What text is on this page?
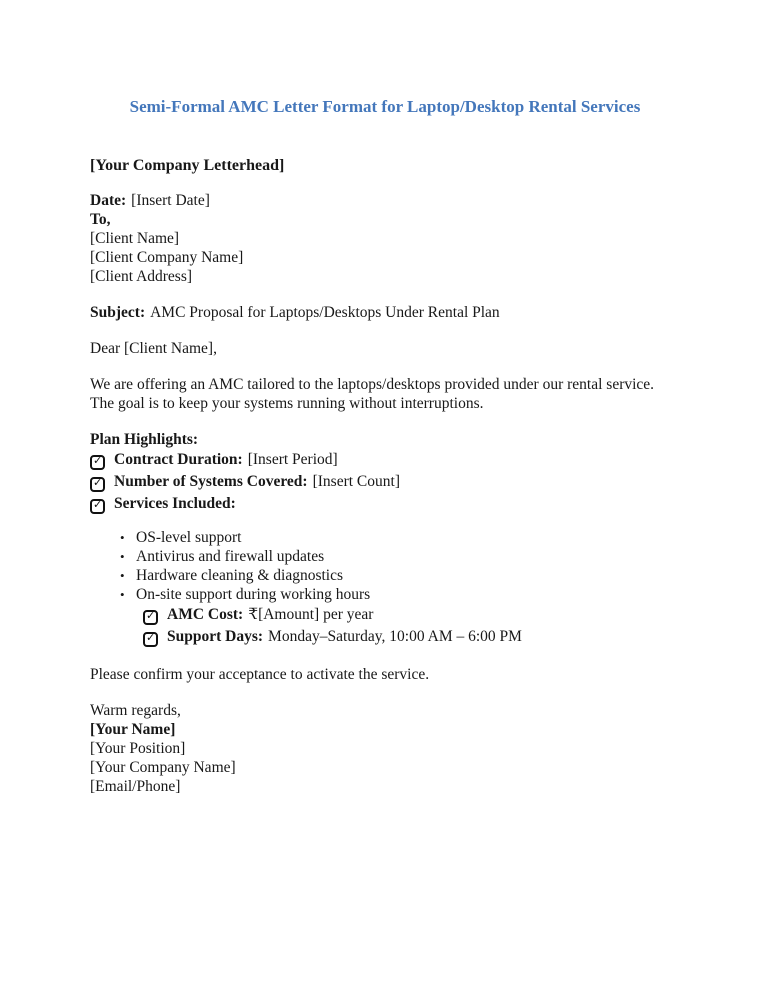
Semi-Formal AMC Letter Format for Laptop/Desktop Rental Services
[Your Company Letterhead]
Date: [Insert Date]
To,
[Client Name]
[Client Company Name]
[Client Address]
Subject: AMC Proposal for Laptops/Desktops Under Rental Plan
Dear [Client Name],
We are offering an AMC tailored to the laptops/desktops provided under our rental service. The goal is to keep your systems running without interruptions.
Plan Highlights:
✓
Contract Duration: [Insert Period]
✓
Number of Systems Covered: [Insert Count]
✓
Services Included:
• OS-level support
• Antivirus and firewall updates
• Hardware cleaning & diagnostics
• On-site support during working hours
✓
AMC Cost: ₹[Amount] per year
✓
Support Days: Monday–Saturday, 10:00 AM – 6:00 PM
Please confirm your acceptance to activate the service.
Warm regards,
[Your Name]
[Your Position]
[Your Company Name]
[Email/Phone]
